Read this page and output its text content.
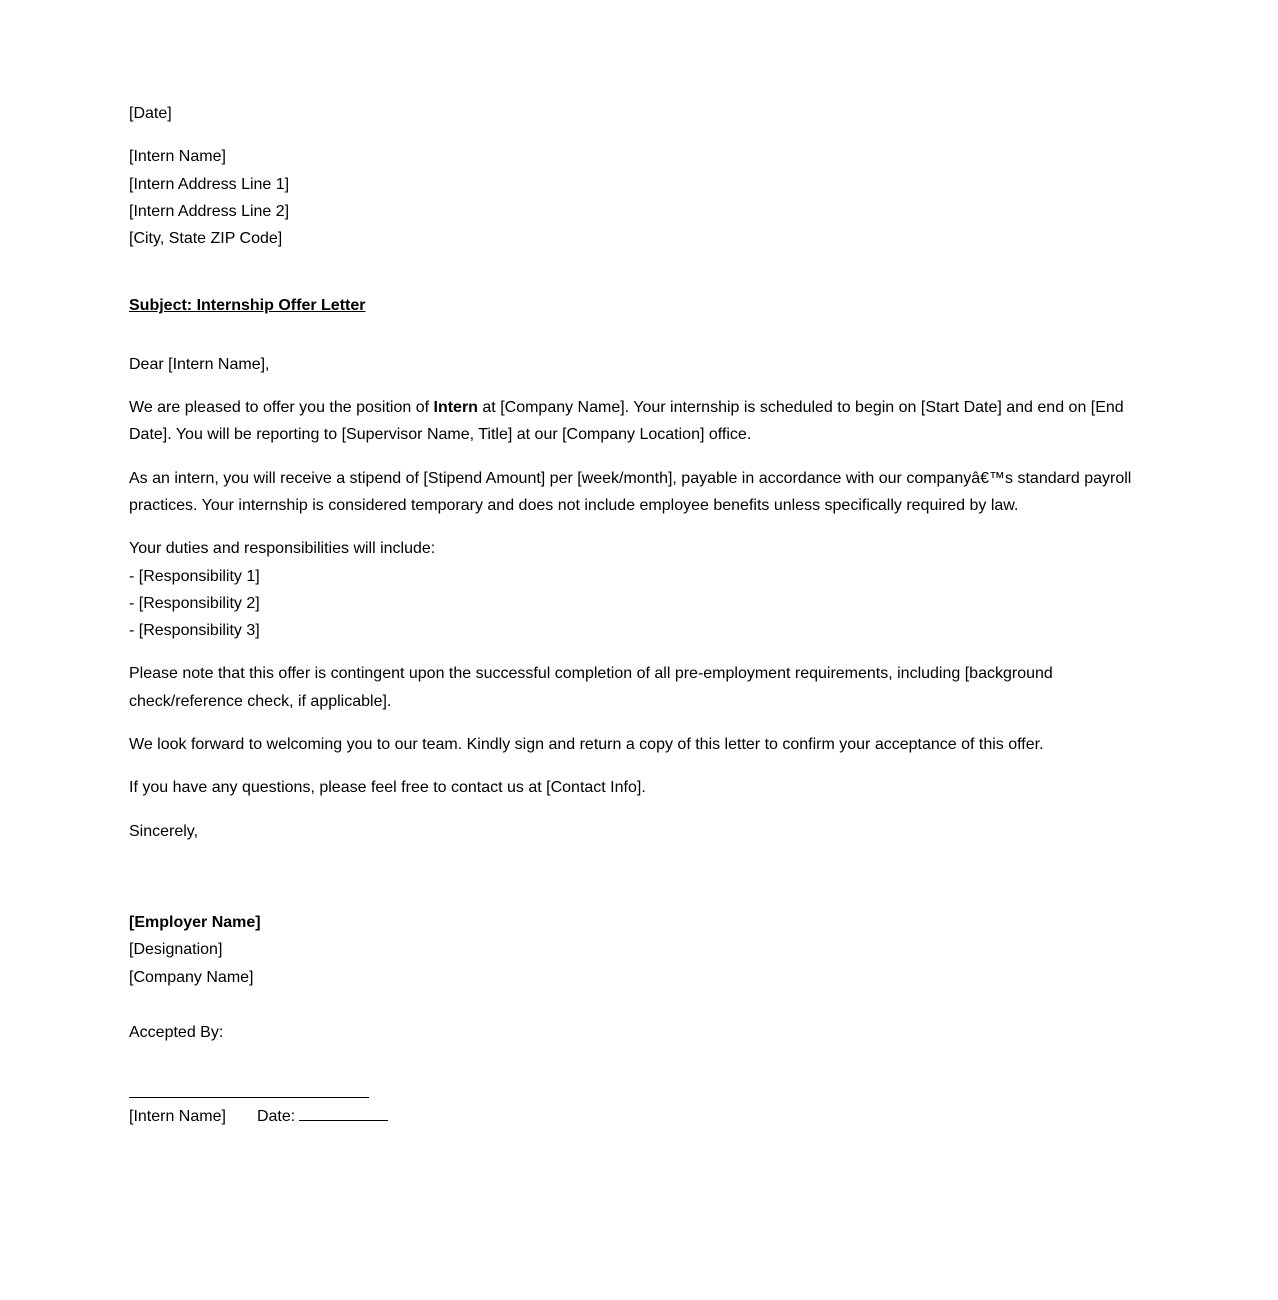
[Date]

[Intern Name]
[Intern Address Line 1]
[Intern Address Line 2]
[City, State ZIP Code]

Subject: Internship Offer Letter

Dear [Intern Name],

We are pleased to offer you the position of Intern at [Company Name]. Your internship is scheduled to begin on [Start Date] and end on [End Date]. You will be reporting to [Supervisor Name, Title] at our [Company Location] office.

As an intern, you will receive a stipend of [Stipend Amount] per [week/month], payable in accordance with our companyâ€™s standard payroll practices. Your internship is considered temporary and does not include employee benefits unless specifically required by law.

Your duties and responsibilities will include:
- [Responsibility 1]
- [Responsibility 2]
- [Responsibility 3]

Please note that this offer is contingent upon the successful completion of all pre-employment requirements, including [background check/reference check, if applicable].

We look forward to welcoming you to our team. Kindly sign and return a copy of this letter to confirm your acceptance of this offer.

If you have any questions, please feel free to contact us at [Contact Info].

Sincerely,

[Employer Name]
[Designation]
[Company Name]
Accepted By:
[Intern Name] Date:
